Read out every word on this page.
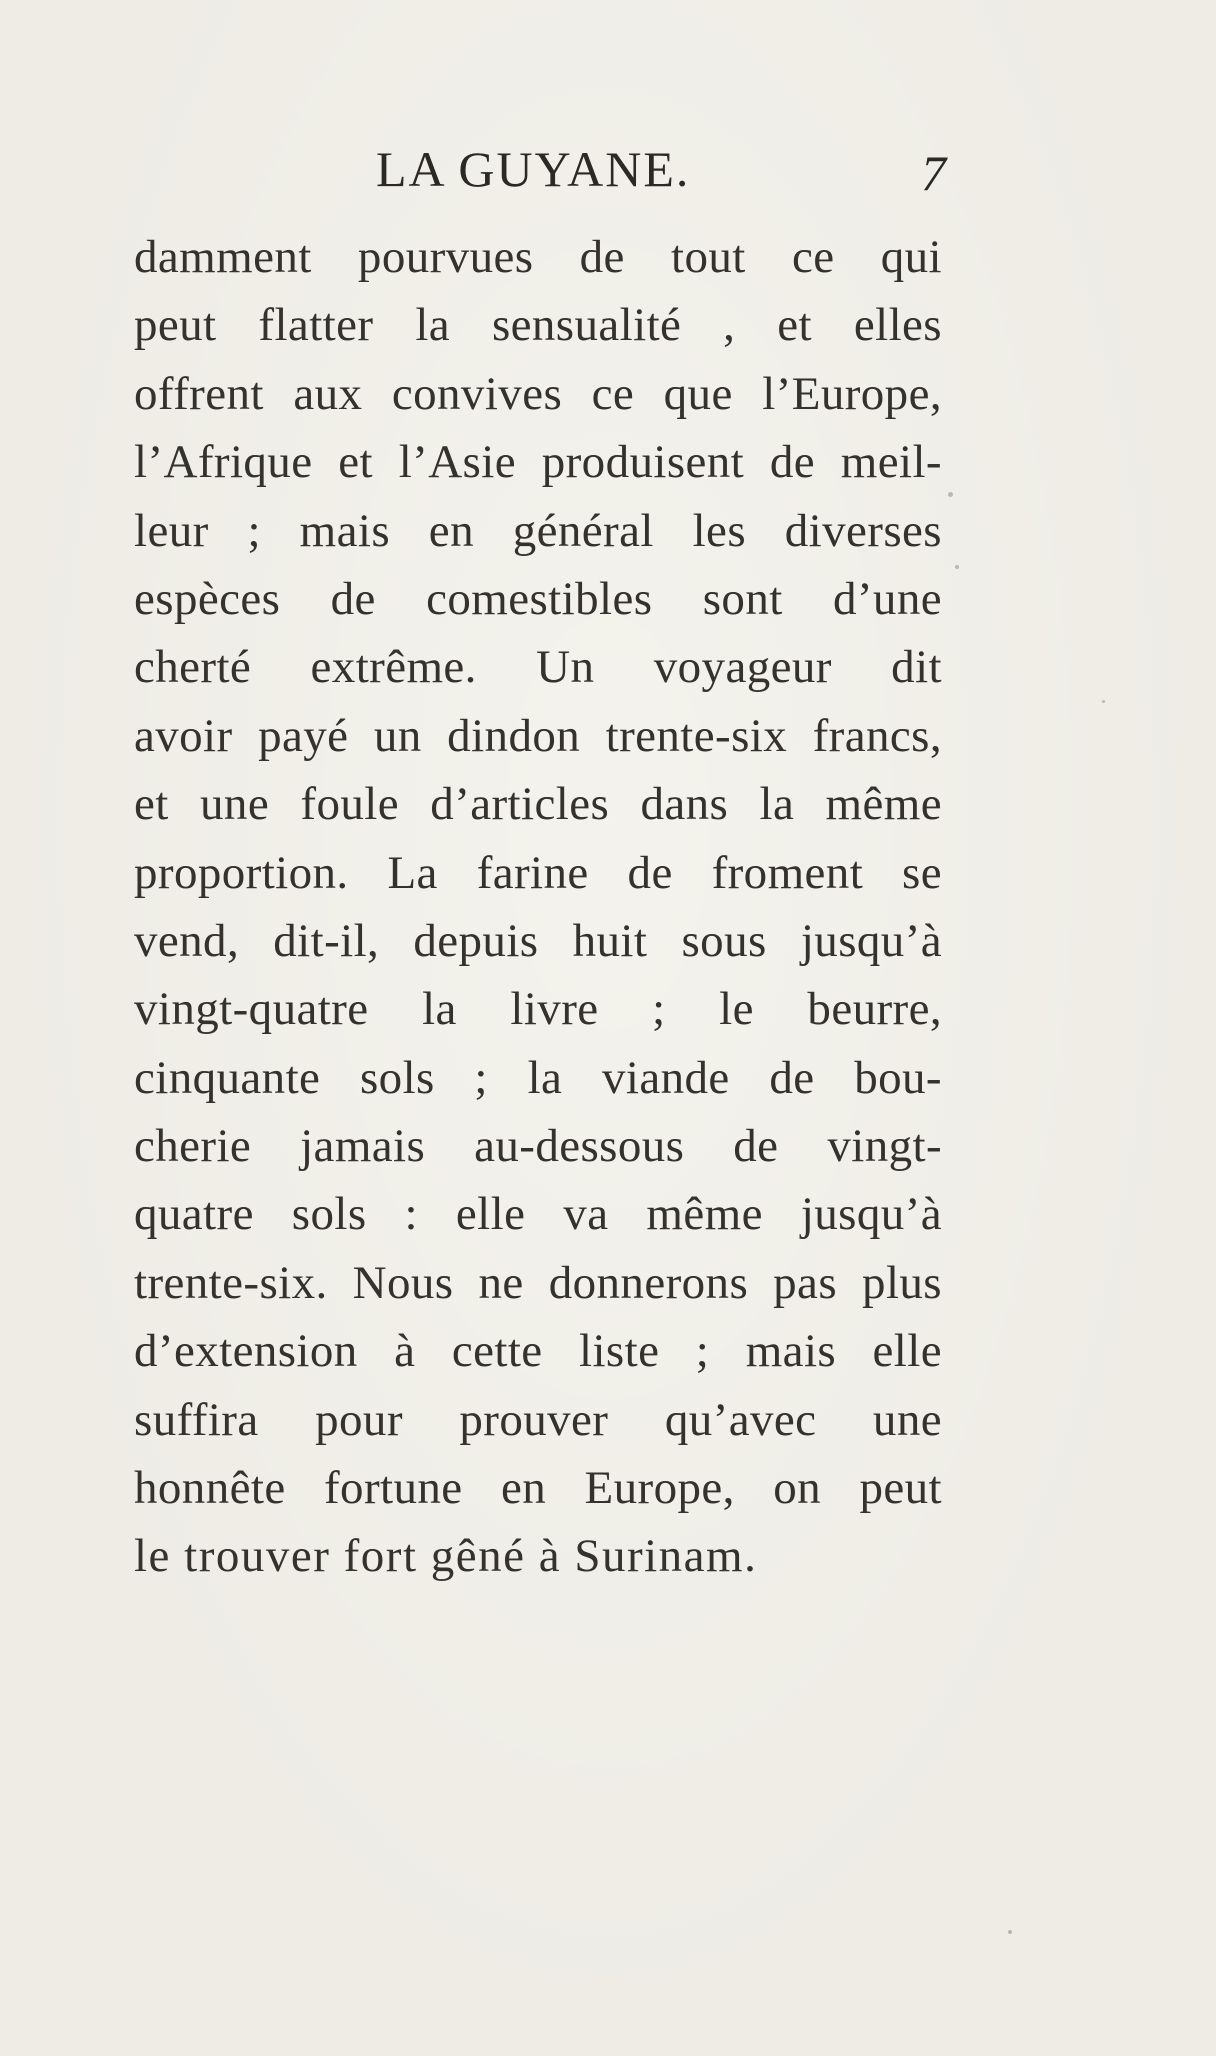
LA GUYANE.	7
damment pourvues de tout ce qui
peut flatter la sensualité , et elles
offrent aux convives ce que l’Europe,
l’Afrique et l’Asie produisent de meil-
leur ; mais en général les diverses
espèces de comestibles sont d’une
cherté extrême. Un voyageur dit
avoir payé un dindon trente-six francs,
et une foule d’articles dans la même
proportion. La farine de froment se
vend, dit-il, depuis huit sous jusqu’à
vingt-quatre la livre ; le beurre,
cinquante sols ; la viande de bou-
cherie jamais au-dessous de vingt-
quatre sols : elle va même jusqu’à
trente-six. Nous ne donnerons pas plus
d’extension à cette liste ; mais elle
suffira pour prouver qu’avec une
honnête fortune en Europe, on peut
le trouver fort gêné à Surinam.
